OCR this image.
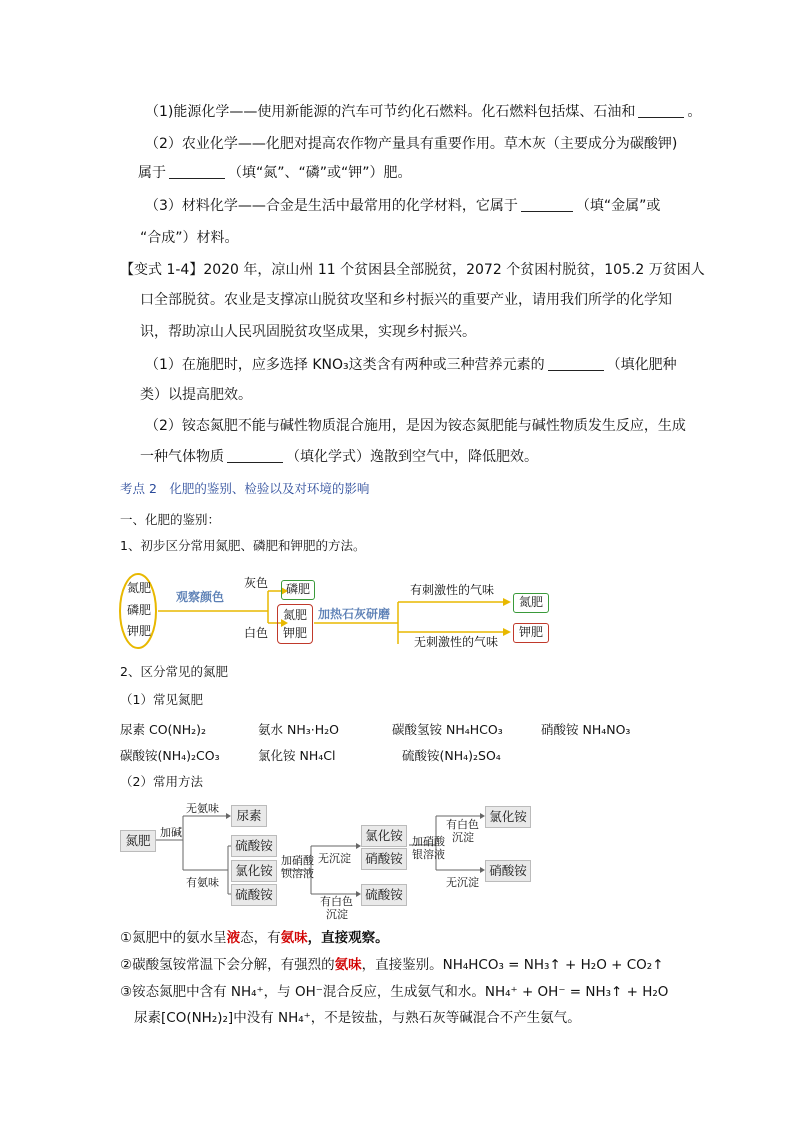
（1)能源化学——使用新能源的汽车可节约化石燃料。化石燃料包括煤、石油和	。
（2）农业化学——化肥对提高农作物产量具有重要作用。草木灰（主要成分为碳酸钾)
属于	（填“氮”、“磷”或“钾”）肥。
（3）材料化学——合金是生活中最常用的化学材料，它属于	（填“金属”或
“合成”）材料。
【变式 1-4】2020 年，凉山州 11 个贫困县全部脱贫，2072 个贫困村脱贫，105.2 万贫困人
口全部脱贫。农业是支撑凉山脱贫攻坚和乡村振兴的重要产业，请用我们所学的化学知
识，帮助凉山人民巩固脱贫攻坚成果，实现乡村振兴。
（1）在施肥时，应多选择 KNO₃这类含有两种或三种营养元素的	（填化肥种
类）以提高肥效。
（2）铵态氮肥不能与碱性物质混合施用，是因为铵态氮肥能与碱性物质发生反应，生成
一种气体物质	（填化学式）逸散到空气中，降低肥效。
考点 2　化肥的鉴别、检验以及对环境的影响
一、化肥的鉴别：
1、初步区分常用氮肥、磷肥和钾肥的方法。
氮肥
磷肥
钾肥
观察颜色
灰色
白色
磷肥
氮肥
钾肥
加热石灰研磨
有刺激性的气味
无刺激性的气味
氮肥
钾肥
2、区分常见的氮肥
（1）常见氮肥
尿素 CO(NH₂)₂	氨水 NH₃·H₂O	碳酸氢铵 NH₄HCO₃	硝酸铵 NH₄NO₃
碳酸铵(NH₄)₂CO₃	氯化铵 NH₄Cl	硫酸铵(NH₄)₂SO₄
（2）常用方法
氮肥
加碱
无氨味
有氨味
尿素
硫酸铵
氯化铵
硫酸铵
加硝酸
钡溶液
无沉淀
有白色
沉淀
氯化铵
硝酸铵
硫酸铵
加硝酸
银溶液
有白色
沉淀
无沉淀
氯化铵
硝酸铵
①氮肥中的氨水呈液态，有氨味，直接观察。
②碳酸氢铵常温下会分解，有强烈的氨味，直接鉴别。NH₄HCO₃ = NH₃↑ + H₂O + CO₂↑
③铵态氮肥中含有 NH₄⁺，与 OH⁻混合反应，生成氨气和水。NH₄⁺ + OH⁻ = NH₃↑ + H₂O
尿素[CO(NH₂)₂]中没有 NH₄⁺，不是铵盐，与熟石灰等碱混合不产生氨气。
